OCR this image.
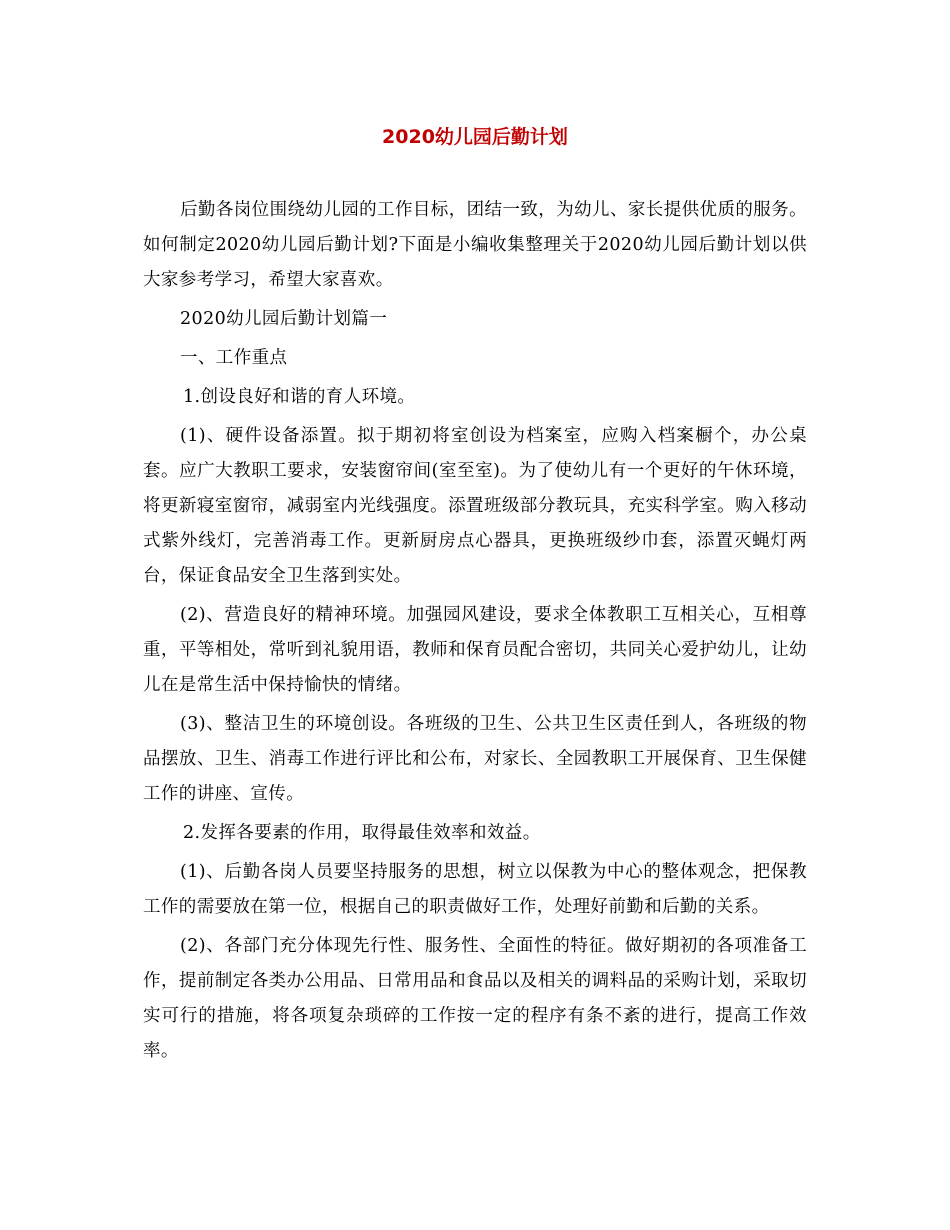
2020幼儿园后勤计划

后勤各岗位围绕幼儿园的工作目标，团结一致，为幼儿、家长提供优质的服务。如何制定2020幼儿园后勤计划?下面是小编收集整理关于2020幼儿园后勤计划以供大家参考学习，希望大家喜欢。

2020幼儿园后勤计划篇一

一、工作重点

1.创设良好和谐的育人环境。

(1)、硬件设备添置。拟于期初将室创设为档案室，应购入档案橱个，办公桌套。应广大教职工要求，安装窗帘间(室至室)。为了使幼儿有一个更好的午休环境，将更新寝室窗帘，减弱室内光线强度。添置班级部分教玩具，充实科学室。购入移动式紫外线灯，完善消毒工作。更新厨房点心器具，更换班级纱巾套，添置灭蝇灯两台，保证食品安全卫生落到实处。

(2)、营造良好的精神环境。加强园风建设，要求全体教职工互相关心，互相尊重，平等相处，常听到礼貌用语，教师和保育员配合密切，共同关心爱护幼儿，让幼儿在是常生活中保持愉快的情绪。

(3)、整洁卫生的环境创设。各班级的卫生、公共卫生区责任到人，各班级的物品摆放、卫生、消毒工作进行评比和公布，对家长、全园教职工开展保育、卫生保健工作的讲座、宣传。

2.发挥各要素的作用，取得最佳效率和效益。

(1)、后勤各岗人员要坚持服务的思想，树立以保教为中心的整体观念，把保教工作的需要放在第一位，根据自己的职责做好工作，处理好前勤和后勤的关系。

(2)、各部门充分体现先行性、服务性、全面性的特征。做好期初的各项准备工作，提前制定各类办公用品、日常用品和食品以及相关的调料品的采购计划，采取切实可行的措施，将各项复杂琐碎的工作按一定的程序有条不紊的进行，提高工作效率。
